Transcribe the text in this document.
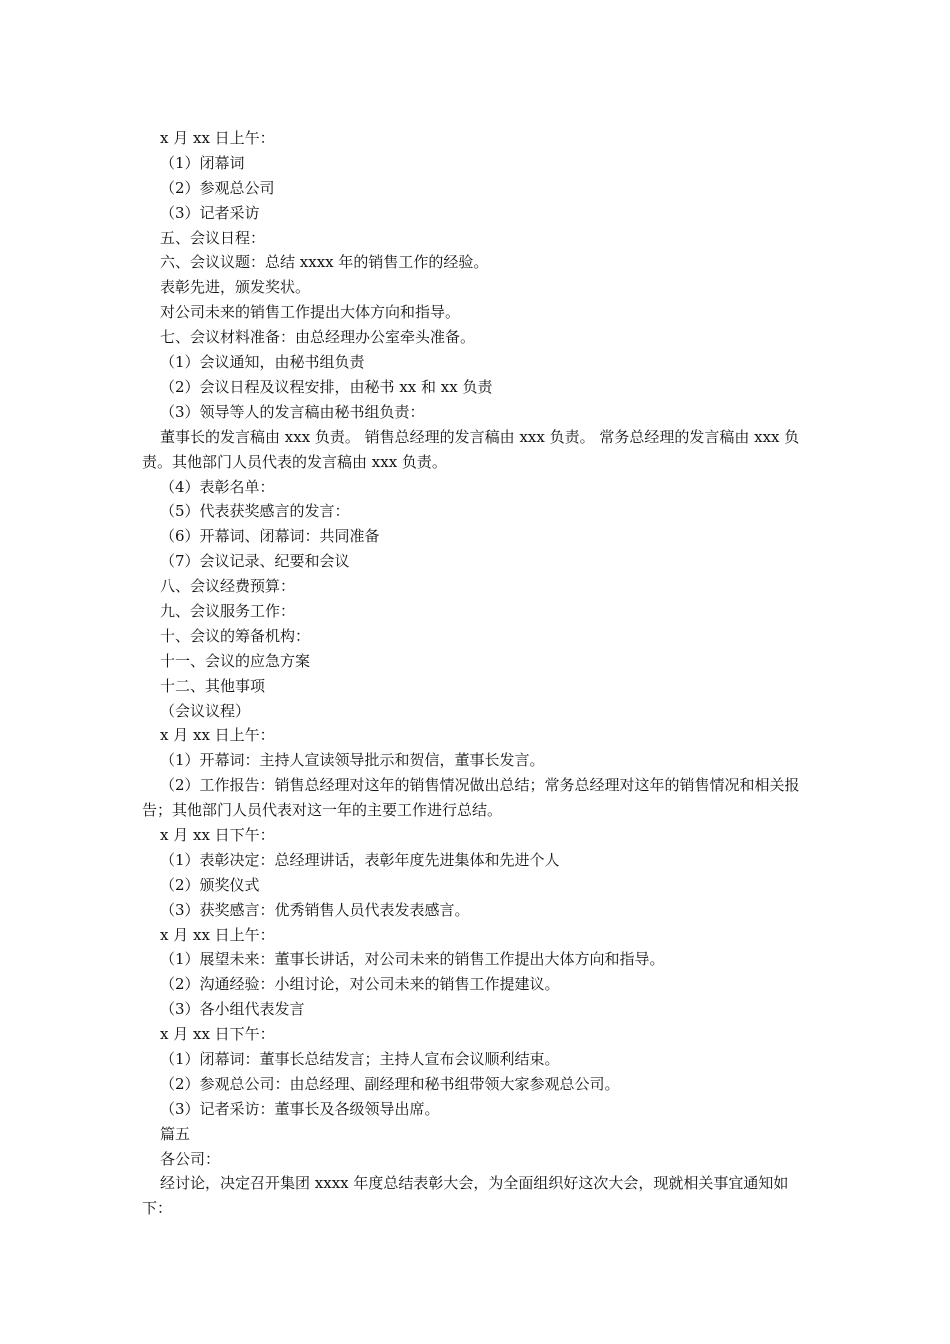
x 月 xx 日上午：
（1）闭幕词
（2）参观总公司
（3）记者采访
五、会议日程：
六、会议议题：总结 xxxx 年的销售工作的经验。
表彰先进，颁发奖状。
对公司未来的销售工作提出大体方向和指导。
七、会议材料准备：由总经理办公室牵头准备。
（1）会议通知，由秘书组负责
（2）会议日程及议程安排，由秘书 xx 和 xx 负责
（3）领导等人的发言稿由秘书组负责：
董事长的发言稿由 xxx 负责。 销售总经理的发言稿由 xxx 负责。 常务总经理的发言稿由 xxx 负责。其他部门人员代表的发言稿由 xxx 负责。
（4）表彰名单：
（5）代表获奖感言的发言：
（6）开幕词、闭幕词：共同准备
（7）会议记录、纪要和会议
八、会议经费预算：
九、会议服务工作：
十、会议的筹备机构：
十一、会议的应急方案
十二、其他事项
（会议议程）
x 月 xx 日上午：
（1）开幕词：主持人宣读领导批示和贺信，董事长发言。
（2）工作报告：销售总经理对这年的销售情况做出总结；常务总经理对这年的销售情况和相关报告；其他部门人员代表对这一年的主要工作进行总结。
x 月 xx 日下午：
（1）表彰决定：总经理讲话，表彰年度先进集体和先进个人
（2）颁奖仪式
（3）获奖感言：优秀销售人员代表发表感言。
x 月 xx 日上午：
（1）展望未来：董事长讲话，对公司未来的销售工作提出大体方向和指导。
（2）沟通经验：小组讨论，对公司未来的销售工作提建议。
（3）各小组代表发言
x 月 xx 日下午：
（1）闭幕词：董事长总结发言；主持人宣布会议顺利结束。
（2）参观总公司：由总经理、副经理和秘书组带领大家参观总公司。
（3）记者采访：董事长及各级领导出席。
篇五
各公司：
经讨论，决定召开集团 xxxx 年度总结表彰大会，为全面组织好这次大会，现就相关事宜通知如下：
